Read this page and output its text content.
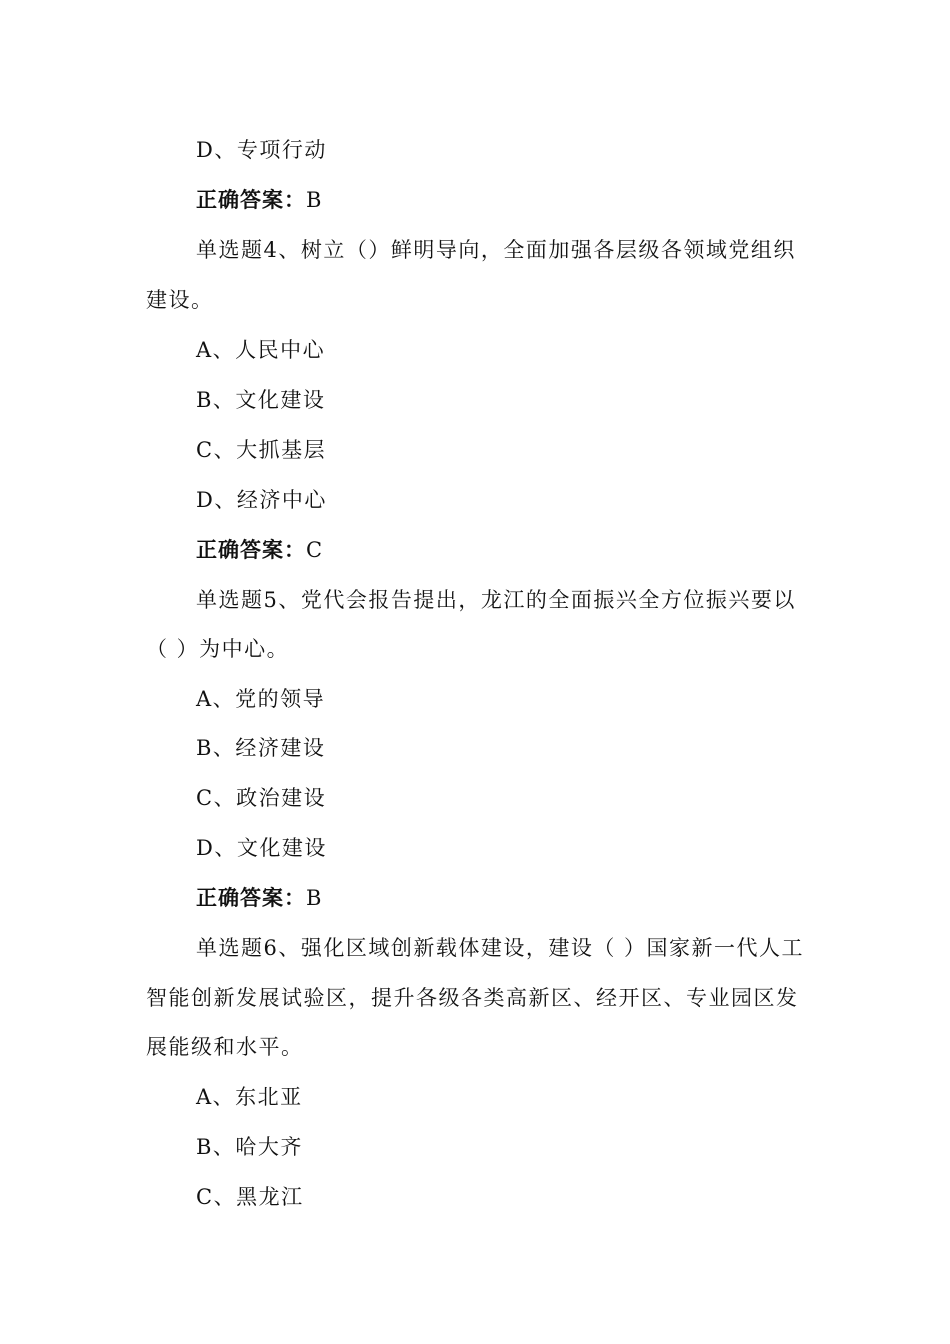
D、专项行动
正确答案：B
单选题4、树立（）鲜明导向，全面加强各层级各领域党组织
建设。
A、人民中心
B、文化建设
C、大抓基层
D、经济中心
正确答案：C
单选题5、党代会报告提出，龙江的全面振兴全方位振兴要以
（ ）为中心。
A、党的领导
B、经济建设
C、政治建设
D、文化建设
正确答案：B
单选题6、强化区域创新载体建设，建设（ ）国家新一代人工
智能创新发展试验区，提升各级各类高新区、经开区、专业园区发
展能级和水平。
A、东北亚
B、哈大齐
C、黑龙江
